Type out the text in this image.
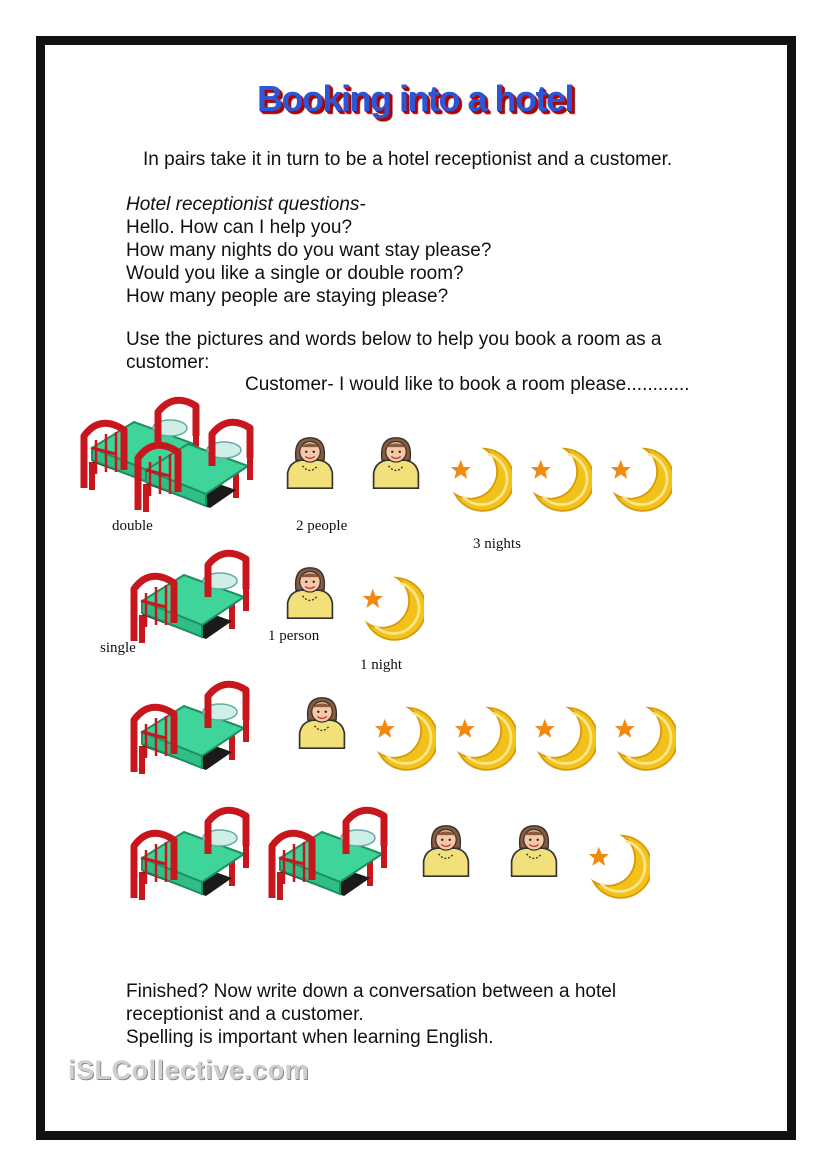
Booking into a hotel
In pairs take it in turn to be a hotel receptionist and a customer.
Hotel receptionist questions-
Hello. How can I help you?
How many nights do you want stay please?
Would you like a single or double room?
How many people are staying please?
Use the pictures and words below to help you book a room as a
customer:
Customer- I would like to book a room please............
double	2 people
3 nights
single
1 person
1 night
Finished? Now write down a conversation between a hotel
receptionist and a customer.
Spelling is important when learning English.
iSLCollective.com
